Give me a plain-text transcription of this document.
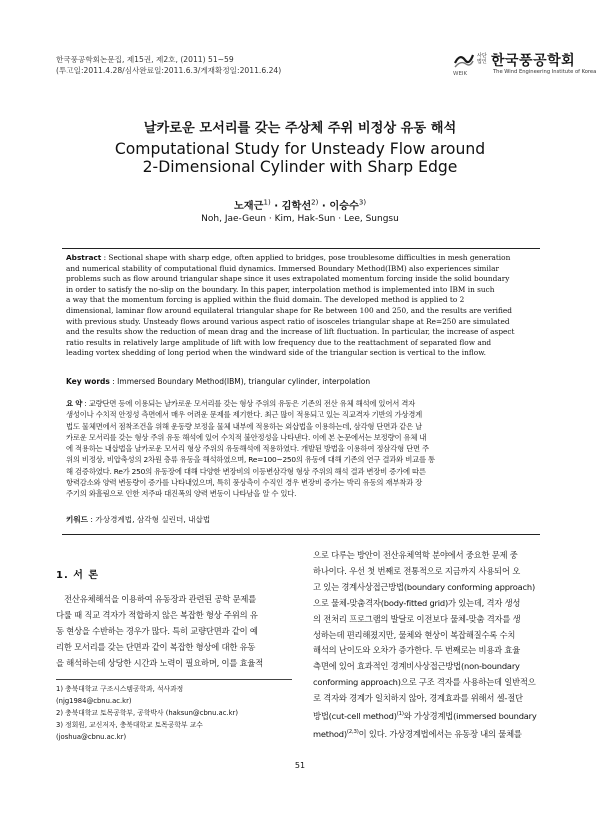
한국풍공학회논문집, 제15권, 제2호, (2011) 51~59
(투고일:2011.4.28/심사완료일:2011.6.3/게재확정일:2011.6.24)
사단
법인 한국풍공학회
WEIK	The Wind Engineering Institute of Korea
날카로운 모서리를 갖는 주상체 주위 비정상 유동 해석
Computational Study for Unsteady Flow around
2-Dimensional Cylinder with Sharp Edge
노재근$^{1)}$ · 김학선$^{2)}$ · 이승수$^{3)}$
Noh, Jae-Geun · Kim, Hak-Sun · Lee, Sungsu
Abstract : Sectional shape with sharp edge, often applied to bridges, pose troublesome difficulties in mesh generation
and numerical stability of computational fluid dynamics. Immersed Boundary Method(IBM) also experiences similar
problems such as flow around triangular shape since it uses extrapolated momentum forcing inside the solid boundary
in order to satisfy the no-slip on the boundary. In this paper, interpolation method is implemented into IBM in such
a way that the momentum forcing is applied within the fluid domain. The developed method is applied to 2
dimensional, laminar flow around equilateral triangular shape for Re between 100 and 250, and the results are verified
with previous study. Unsteady flows around various aspect ratio of isosceles triangular shape at Re=250 are simulated
and the results show the reduction of mean drag and the increase of lift fluctuation. In particular, the increase of aspect
ratio results in relatively large amplitude of lift with low frequency due to the reattachment of separated flow and
leading vortex shedding of long period when the windward side of the triangular section is vertical to the inflow.
Key words : Immersed Boundary Method(IBM), triangular cylinder, interpolation
요 약 : 교량단면 등에 이용되는 날카로운 모서리를 갖는 형상 주위의 유동은 기존의 전산 유체 해석에 있어서 격자
생성이나 수치적 안정성 측면에서 매우 어려운 문제를 제기한다. 최근 많이 적용되고 있는 직교격자 기반의 가상경계
법도 물체면에서 점착조건을 위해 운동량 보정을 물체 내부에 적용하는 외삽법을 이용하는데, 삼각형 단면과 같은 날
카로운 모서리를 갖는 형상 주위 유동 해석에 있어 수치적 불안정성을 나타낸다. 이에 본 논문에서는 보정량이 유체 내
에 적용하는 내삽법을 날카로운 모서리 형상 주위의 유동해석에 적용하였다. 개발된 방법을 이용하여 정삼각형 단면 주
위의 비정상, 비압축성의 2차원 층류 유동을 해석하였으며, Re=100~250의 유동에 대해 기존의 연구 결과와 비교를 통
해 검증하였다. Re가 250의 유동장에 대해 다양한 변장비의 이등변삼각형 형상 주위의 해석 결과 변장비 증가에 따른
항력감소와 양력 변동량이 증가를 나타내었으며, 특히 풍상측이 수직인 경우 변장비 증가는 박리 유동의 재부착과 장
주기의 와흘림으로 인한 저주파 대진폭의 양력 변동이 나타남을 알 수 있다.
키워드 : 가상경계법, 삼각형 실린더, 내삽법
1. 서 론
　전산유체해석을 이용하여 유동장과 관련된 공학 문제를
다룰 때 직교 격자가 적합하지 않은 복잡한 형상 주위의 유
동 현상을 수반하는 경우가 많다. 특히 교량단면과 같이 예
리한 모서리를 갖는 단면과 같이 복잡한 형상에 대한 유동
을 해석하는데 상당한 시간과 노력이 필요하며, 이를 효율적
으로 다루는 방안이 전산유체역학 분야에서 중요한 문제 중
하나이다. 우선 첫 번째로 전통적으로 지금까지 사용되어 오
고 있는 경계사상접근방법(boundary conforming approach)
으로 물체-맞춤격자(body-fitted grid)가 있는데, 격자 생성
의 전처리 프로그램의 발달로 이전보다 물체-맞춤 격자를 생
성하는데 편리해졌지만, 물체와 현상이 복잡해질수록 수치
해석의 난이도와 오차가 증가한다. 두 번째로는 비용과 효율
측면에 있어 효과적인 경계비사상접근방법(non-boundary
conforming approach)으로 구조 격자를 사용하는데 일반적으
로 격자와 경계가 일치하지 않아, 경계효과를 위해서 셀-절단
방법(cut-cell method)$^{(1)}$와 가상경계법(immersed boundary
method)$^{(2,3)}$이 있다. 가상경계법에서는 유동장 내의 물체를
1) 충북대학교 구조시스템공학과, 석사과정
(njg1984@cbnu.ac.kr)
2) 충북대학교 토목공학부, 공학박사 (haksun@cbnu.ac.kr)
3) 정회원, 교신저자, 충북대학교 토목공학부 교수
(joshua@cbnu.ac.kr)
51
